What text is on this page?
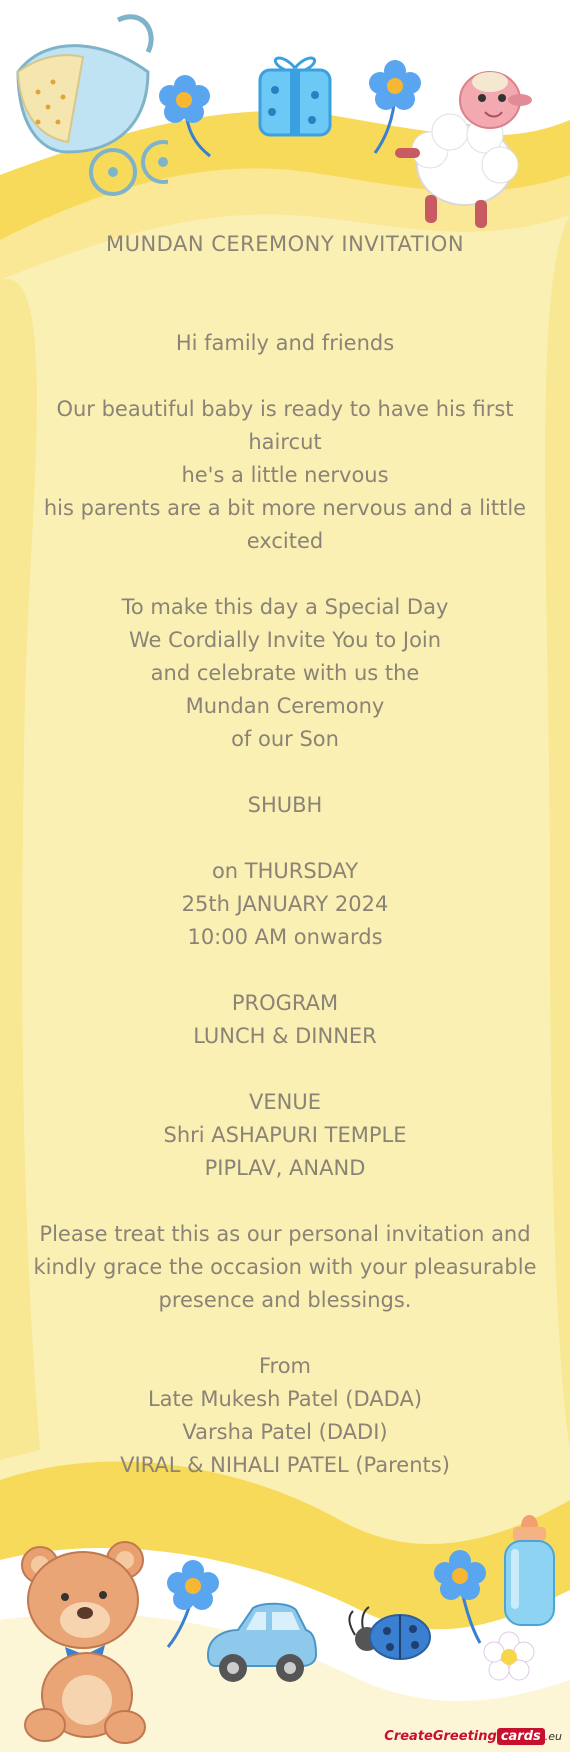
MUNDAN CEREMONY INVITATION
Hi family and friends
Our beautiful baby is ready to have his first haircut
he's a little nervous
his parents are a bit more nervous and a little excited
To make this day a Special Day
We Cordially Invite You to Join
and celebrate with us the
Mundan Ceremony
of our Son
SHUBH
on THURSDAY
25th JANUARY 2024
10:00 AM onwards
PROGRAM
LUNCH & DINNER
VENUE
Shri ASHAPURI TEMPLE
PIPLAV, ANAND
Please treat this as our personal invitation and kindly grace the occasion with your pleasurable presence and blessings.
From
Late Mukesh Patel (DADA)
Varsha Patel (DADI)
VIRAL & NIHALI PATEL (Parents)
CreateGreeting cards .eu
